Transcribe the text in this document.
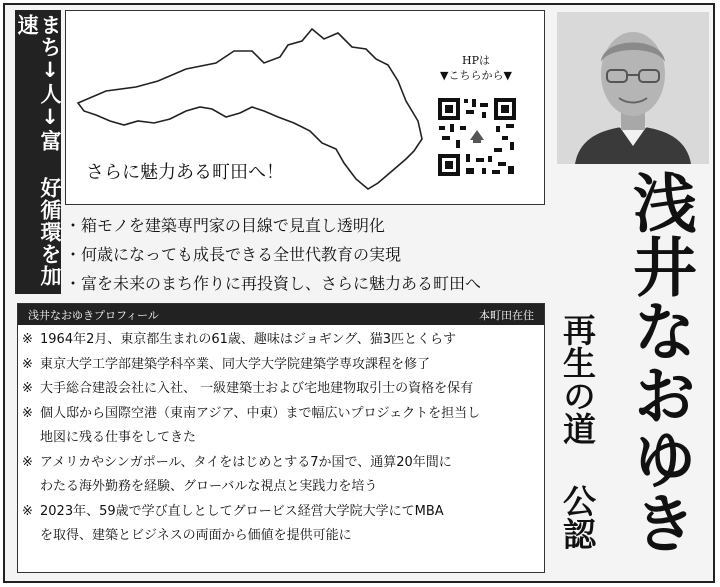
まち↓人↓富 好循環を加速
さらに魅力ある町田へ！
HPは
▼こちらから▼
・箱モノを建築専門家の目線で見直し透明化
・何歳になっても成長できる全世代教育の実現
・富を未来のまち作りに再投資し、さらに魅力ある町田へ 浅井なおゆき
再生の道 公認
浅井なおゆきプロフィール	本町田在住
※ 1964年2月、東京都生まれの61歳、趣味はジョギング、猫3匹とくらす
※ 東京大学工学部建築学科卒業、同大学大学院建築学専攻課程を修了
※ 大手総合建設会社に入社、 一級建築士および宅地建物取引士の資格を保有
※ 個人邸から国際空港（東南アジア、中東）まで幅広いプロジェクトを担当し
地図に残る仕事をしてきた
※ アメリカやシンガポール、タイをはじめとする7か国で、通算20年間に
わたる海外勤務を経験、グローバルな視点と実践力を培う
※ 2023年、59歳で学び直しとしてグロービス経営大学院大学にてMBA
を取得、建築とビジネスの両面から価値を提供可能に
